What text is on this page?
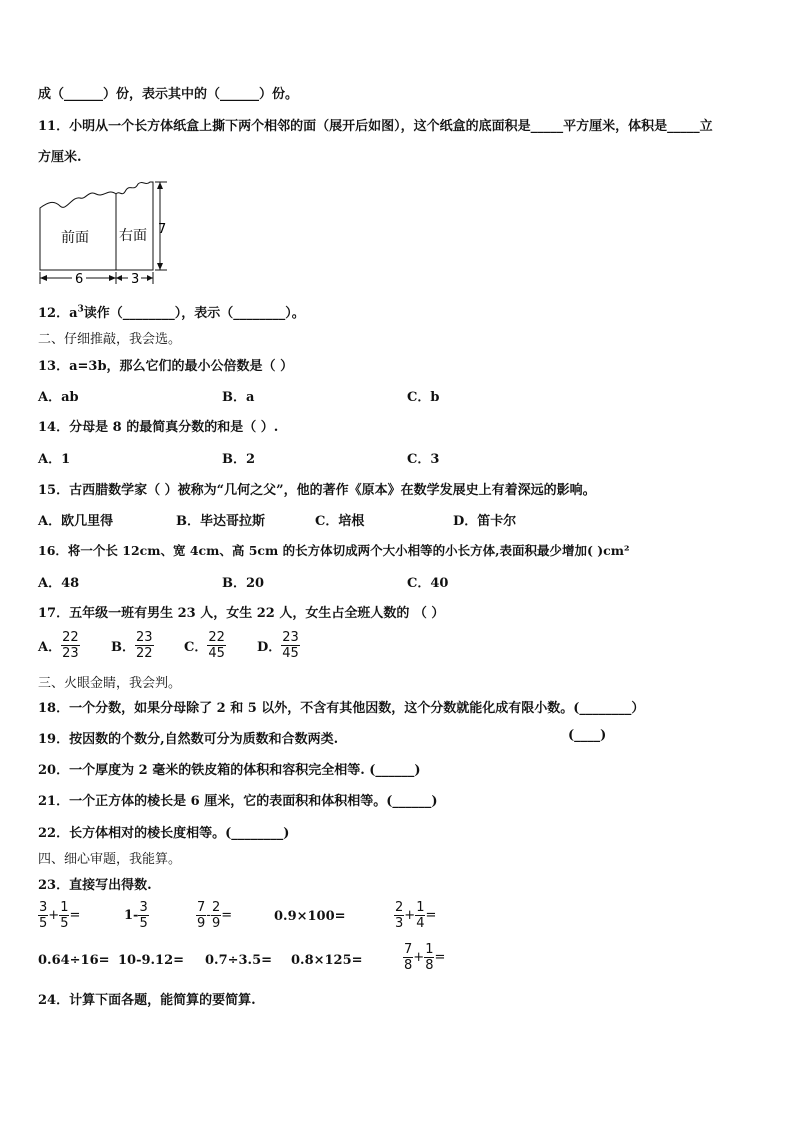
成（______）份，表示其中的（______）份。
11．小明从一个长方体纸盒上撕下两个相邻的面（展开后如图），这个纸盒的底面积是_____平方厘米，体积是_____立
方厘米.
前面 右面
6	3
7
12．$a^3$读作（________），表示（________）。
二、仔细推敲，我会选。
13．a=3b，那么它们的最小公倍数是（ ）
A．ab	B．a	C．b
14．分母是 8 的最简真分数的和是（ ）.
A．1	B．2	C．3
15．古西腊数学家（ ）被称为“几何之父”，他的著作《原本》在数学发展史上有着深远的影响。
A．欧几里得	B．毕达哥拉斯	C．培根	D．笛卡尔
16．将一个长 12cm、宽 4cm、高 5cm 的长方体切成两个大小相等的小长方体,表面积最少增加( )cm²
A．48	B．20	C．40
17．五年级一班有男生 23 人，女生 22 人，女生占全班人数的 （ ）
A． $\frac{22}{23}$ B． $\frac{23}{22}$ C． $\frac{22}{45}$ D． $\frac{23}{45}$
三、火眼金睛，我会判。
18．一个分数，如果分母除了 2 和 5 以外，不含有其他因数，这个分数就能化成有限小数。(________）
19．按因数的个数分,自然数可分为质数和合数两类.	(____)
20．一个厚度为 2 毫米的铁皮箱的体积和容积完全相等. (______)
21．一个正方体的棱长是 6 厘米，它的表面积和体积相等。(______)
22．长方体相对的棱长度相等。(________)
四、细心审题，我能算。
23．直接写出得数.
$\frac{3}{5} + \frac{1}{5}$ =	$1- \frac{3}{5}$	$\frac{7}{9} - \frac{2}{9}$ =	0.9×100=	$\frac{2}{3} + \frac{1}{4}$ =
0.64÷16= 10-9.12= 0.7÷3.5= 0.8×125=	$\frac{7}{8} + \frac{1}{8}$ =
24．计算下面各题，能简算的要简算.
